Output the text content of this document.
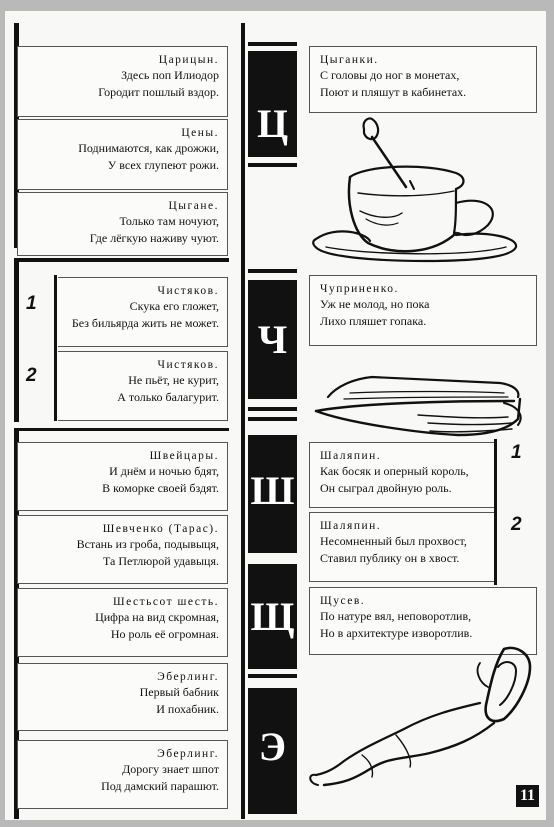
Царицын.
Здесь поп Илиодор
Городит пошлый вздор.
Цены.
Поднимаются, как дрожжи,
У всех глупеют рожи.
Цыгане.
Только там ночуют,
Где лёгкую наживу чуют.
1
Чистяков.
Скука его гложет,
Без бильярда жить не может.
2	Чистяков.
Не пьёт, не курит,
А только балагурит.
Швейцары.
И днём и ночью бдят,
В коморке своей бздят.
Шевченко (Тарас).
Встань из гроба, подывыця,
Та Петлюрой удавыця.
Шестьсот шесть.
Цифра на вид скромная,
Но роль её огромная.
Эберлинг.
Первый бабник
И похабник.
Эберлинг.
Дорогу знает шпот
Под дамский парашют.
Ц
Ч
Ш
Щ
Э
Цыганки.
С головы до ног в монетах,
Поют и пляшут в кабинетах.
Чуприненко.
Уж не молод, но пока
Лихо пляшет гопака.
Шаляпин.
Как босяк и оперный король,
Он сыграл двойную роль.
1
Шаляпин.
Несомненный был прохвост,
Ставил публику он в хвост.
2
Щусев.
По натуре вял, неповоротлив,
Но в архитектуре изворотлив.
11
